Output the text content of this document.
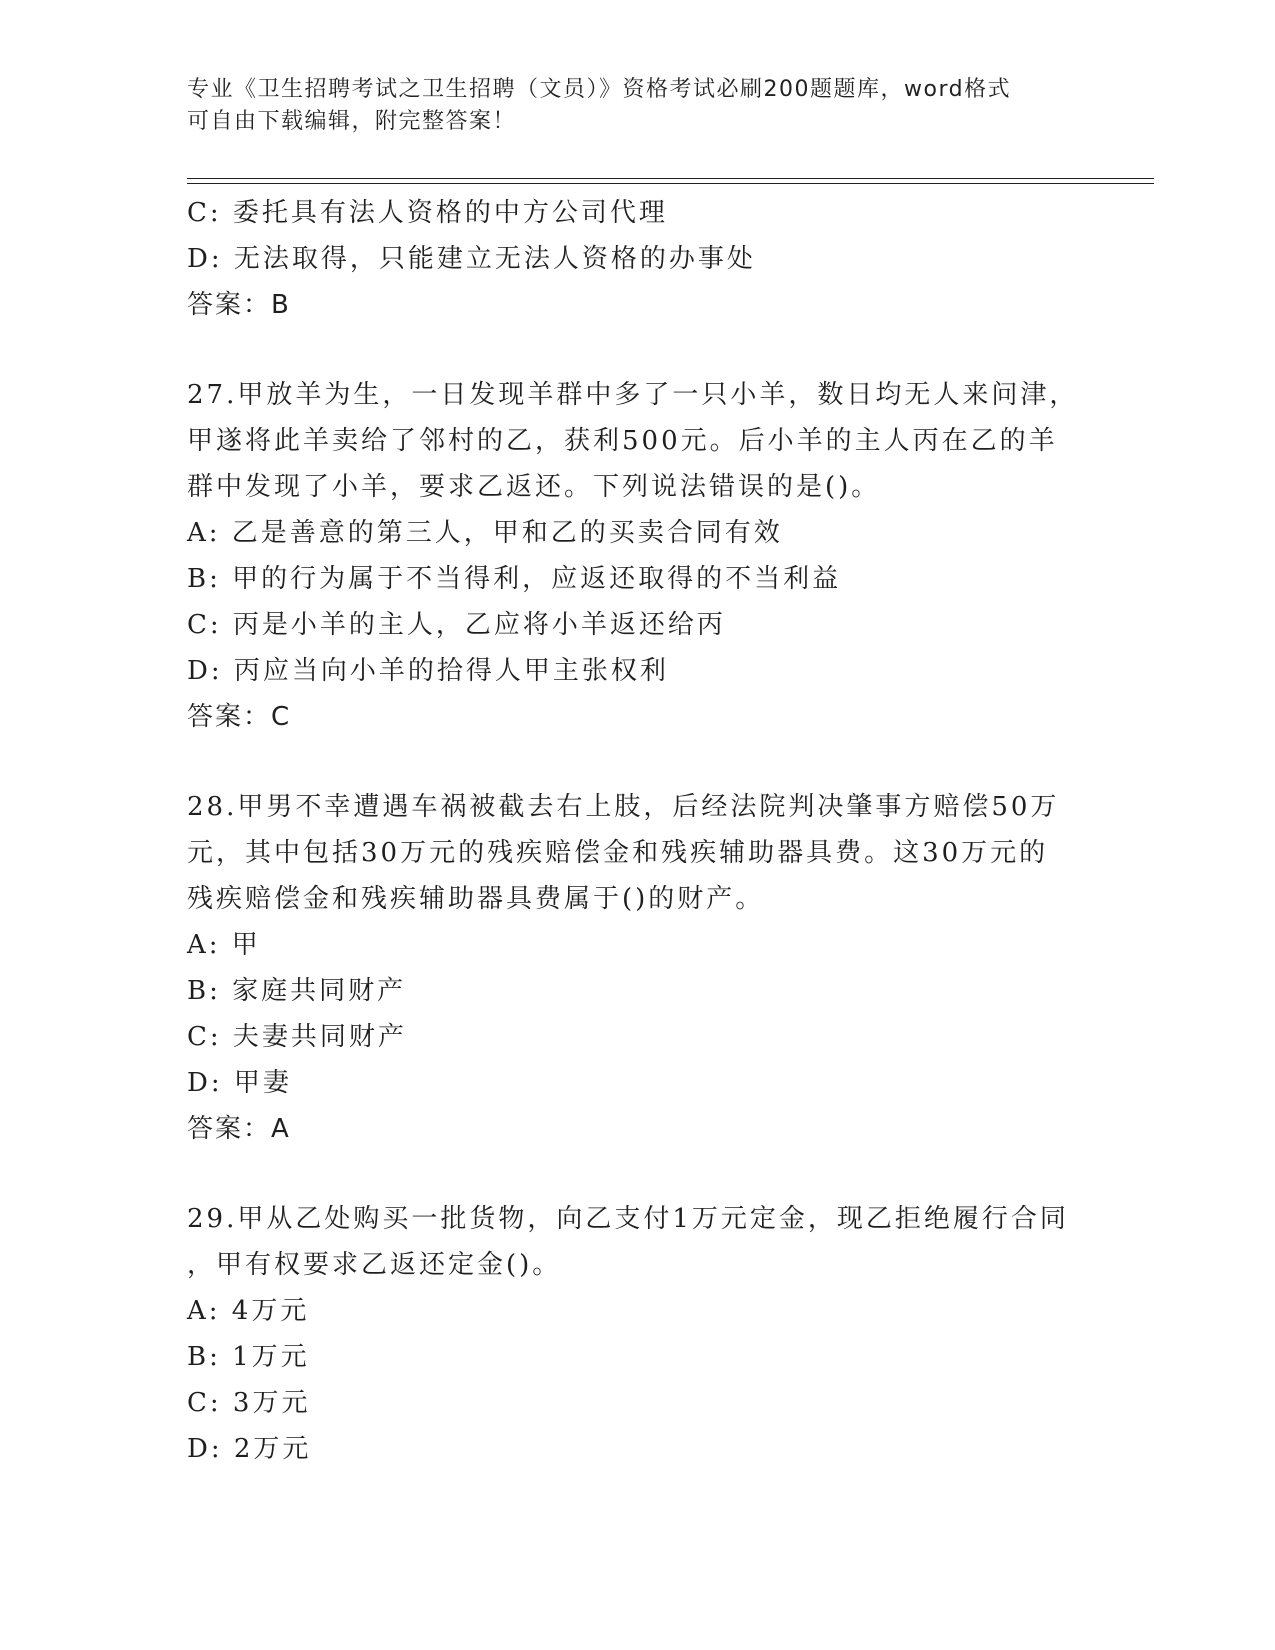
专业《卫生招聘考试之卫生招聘（文员）》资格考试必刷200题题库，word格式

可自由下载编辑，附完整答案！

C: 委托具有法人资格的中方公司代理
D: 无法取得，只能建立无法人资格的办事处
答案：B
27.甲放羊为生，一日发现羊群中多了一只小羊，数日均无人来问津，
甲遂将此羊卖给了邻村的乙，获利500元。后小羊的主人丙在乙的羊
群中发现了小羊，要求乙返还。下列说法错误的是()。
A: 乙是善意的第三人，甲和乙的买卖合同有效
B: 甲的行为属于不当得利，应返还取得的不当利益
C: 丙是小羊的主人，乙应将小羊返还给丙
D: 丙应当向小羊的拾得人甲主张权利
答案：C
28.甲男不幸遭遇车祸被截去右上肢，后经法院判决肇事方赔偿50万
元，其中包括30万元的残疾赔偿金和残疾辅助器具费。这30万元的
残疾赔偿金和残疾辅助器具费属于()的财产。
A: 甲
B: 家庭共同财产
C: 夫妻共同财产
D: 甲妻
答案：A
29.甲从乙处购买一批货物，向乙支付1万元定金，现乙拒绝履行合同
，甲有权要求乙返还定金()。
A: 4万元
B: 1万元
C: 3万元
D: 2万元
